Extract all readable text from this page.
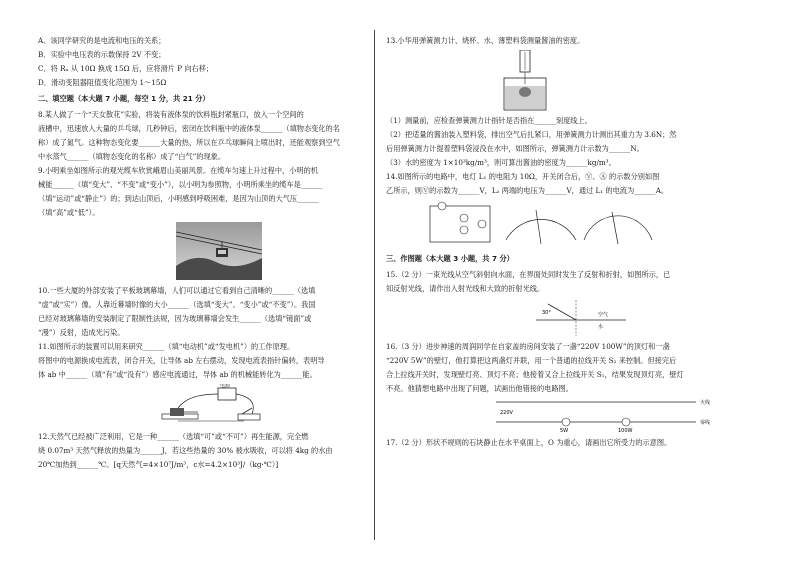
A．该同学研究的是电流和电压的关系；

B．实验中电压表的示数保持 2V 不变；

C．将 Rₓ 从 10Ω 换成 15Ω 后，应将滑片 P 向右移；

D．滑动变阻器阻值变化范围为 1～15Ω

二、填空题（本大题 7 小题，每空 1 分，共 21 分）

8.某人做了一个“天女散花”实验，将装有液体泵的饮料瓶封紧瓶口，放入一个空间的

液槽中，迅速放入大量的乒乓球，几秒钟后，密闭在饮料瓶中的液体泵______（填物态变化的名

称）成了氮气。这种物态变化要______大量的热，所以在乒乓球瞬间上喷出时，还能观察到空气

中水蒸气______（填物态变化的名称）成了“白气”的现象。

9.小明乘坐如图所示的观光缆车欣赏峨眉山美丽风景。在缆车匀速上升过程中，小明的机

械能______（填“变大”、“不变”或“变小”），以小明为参照物，小明所乘坐的缆车是______

（填“运动”或“静止”）的；到达山顶后，小明感到呼吸困难，是因为山顶的大气压______

（填“高”或“低”）。

10.一些大厦的外部安装了平板玻璃幕墙，人们可以通过它看到自己清晰的______（选填

“虚”或“实”）像。人靠近幕墙时像的大小______（选填“变大”、“变小”或“不变”）。我国

已经对玻璃幕墙的安装制定了限制性法规，因为玻璃幕墙会发生______（选填“镜面”或

“漫”）反射，造成光污染。

11.如图所示的装置可以用来研究______（填“电动机”或“发电机”）的工作原理。

将图中的电源换成电流表，闭合开关，让导体 ab 左右摆动，发现电流表指针偏转，表明导

体 ab 中______（填“有”或“没有”）感应电流通过，导体 ab 的机械能转化为______能。

电源

12.天然气已经被广泛利用，它是一种______（选填“可”或“不可”）再生能源，完全燃

烧 0.07m³ 天然气释放的热量为______J，若这些热量的 30% 被水吸收，可以将 4kg 的水由

20℃加热到______℃。[q天然气=4×10⁷J/m³，c水=4.2×10³J/（kg·℃）]

13.小华用弹簧测力计、烧杯、水、薄塑料袋测量酱油的密度。

（1）测量前，应检查弹簧测力计指针是否指在______刻度线上。

（2）把适量的酱油装入塑料袋，排出空气后扎紧口，用弹簧测力计测出其重力为 3.6N；然

后用弹簧测力计提着塑料袋浸没在水中，如图所示，弹簧测力计示数为______N。

（3）水的密度为 1×10³kg/m³，则可算出酱油的密度为______kg/m³。

14.如图所示的电路中，电灯 L₁ 的电阻为 10Ω，开关闭合后，Ⓥ、Ⓐ 的示数分别如图

乙所示，则Ⓥ的示数为______V，L₂ 两端的电压为______V，通过 L₁ 的电流为______A。

三、作图题（本大题 3 小题，共 7 分）

15.（2 分）一束光线从空气斜射向水面，在界面处同时发生了反射和折射，如图所示，已

知反射光线，请作出入射光线和大致的折射光线。

30°	空气
水

16.（3 分）进步神速的周润同学在自家盖的房间安装了一盏“220V 100W”的顶灯和一盏

“220V 5W”的壁灯，他打算把这两盏灯并联，用一个普通的拉线开关 S₂ 来控制。但接完后

合上拉线开关时，发现壁灯亮、顶灯不亮；他接着又合上拉线开关 S₁，结果发现顶灯亮，壁灯

不亮。他猜想电路中出现了问题，试画出他错接的电路图。

火线
零线
220V
5W	100W

17.（2 分）形状不规则的石块静止在水平桌面上，O 为重心，请画出它所受力的示意图。
